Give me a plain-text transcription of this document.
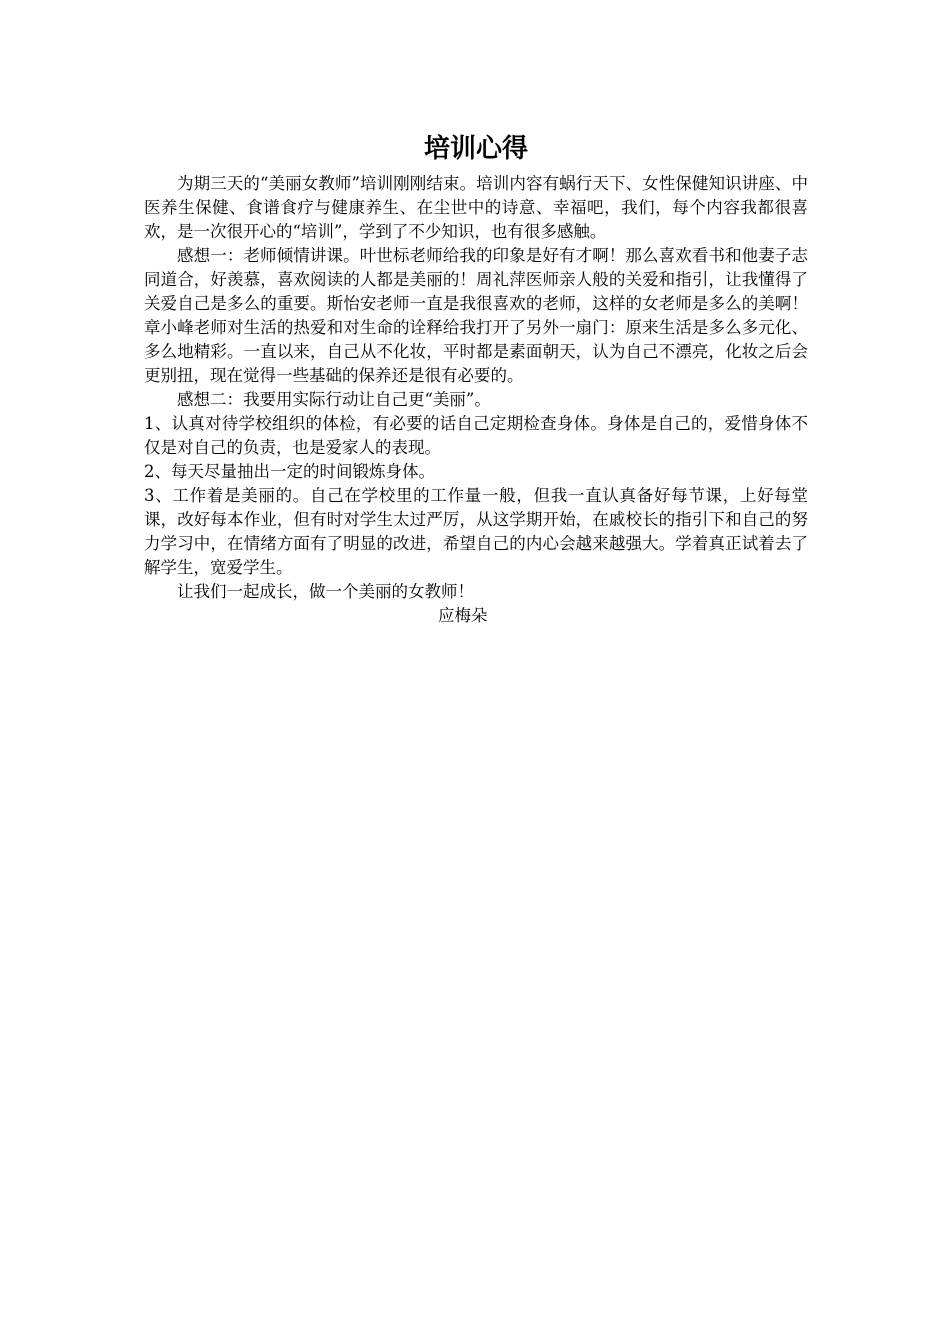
培训心得

为期三天的“美丽女教师”培训刚刚结束。培训内容有蜗行天下、女性保健知识讲座、中医养生保健、食谱食疗与健康养生、在尘世中的诗意、幸福吧，我们，每个内容我都很喜欢，是一次很开心的“培训”，学到了不少知识，也有很多感触。

感想一：老师倾情讲课。叶世标老师给我的印象是好有才啊！那么喜欢看书和他妻子志同道合，好羡慕，喜欢阅读的人都是美丽的！周礼萍医师亲人般的关爱和指引，让我懂得了关爱自己是多么的重要。斯怡安老师一直是我很喜欢的老师，这样的女老师是多么的美啊！章小峰老师对生活的热爱和对生命的诠释给我打开了另外一扇门：原来生活是多么多元化、多么地精彩。一直以来，自己从不化妆，平时都是素面朝天，认为自己不漂亮，化妆之后会更别扭，现在觉得一些基础的保养还是很有必要的。

感想二：我要用实际行动让自己更“美丽”。

1、认真对待学校组织的体检，有必要的话自己定期检查身体。身体是自己的，爱惜身体不仅是对自己的负责，也是爱家人的表现。

2、每天尽量抽出一定的时间锻炼身体。

3、工作着是美丽的。自己在学校里的工作量一般，但我一直认真备好每节课，上好每堂课，改好每本作业，但有时对学生太过严厉，从这学期开始，在戚校长的指引下和自己的努力学习中，在情绪方面有了明显的改进，希望自己的内心会越来越强大。学着真正试着去了解学生，宽爱学生。

让我们一起成长，做一个美丽的女教师！

应梅朵
